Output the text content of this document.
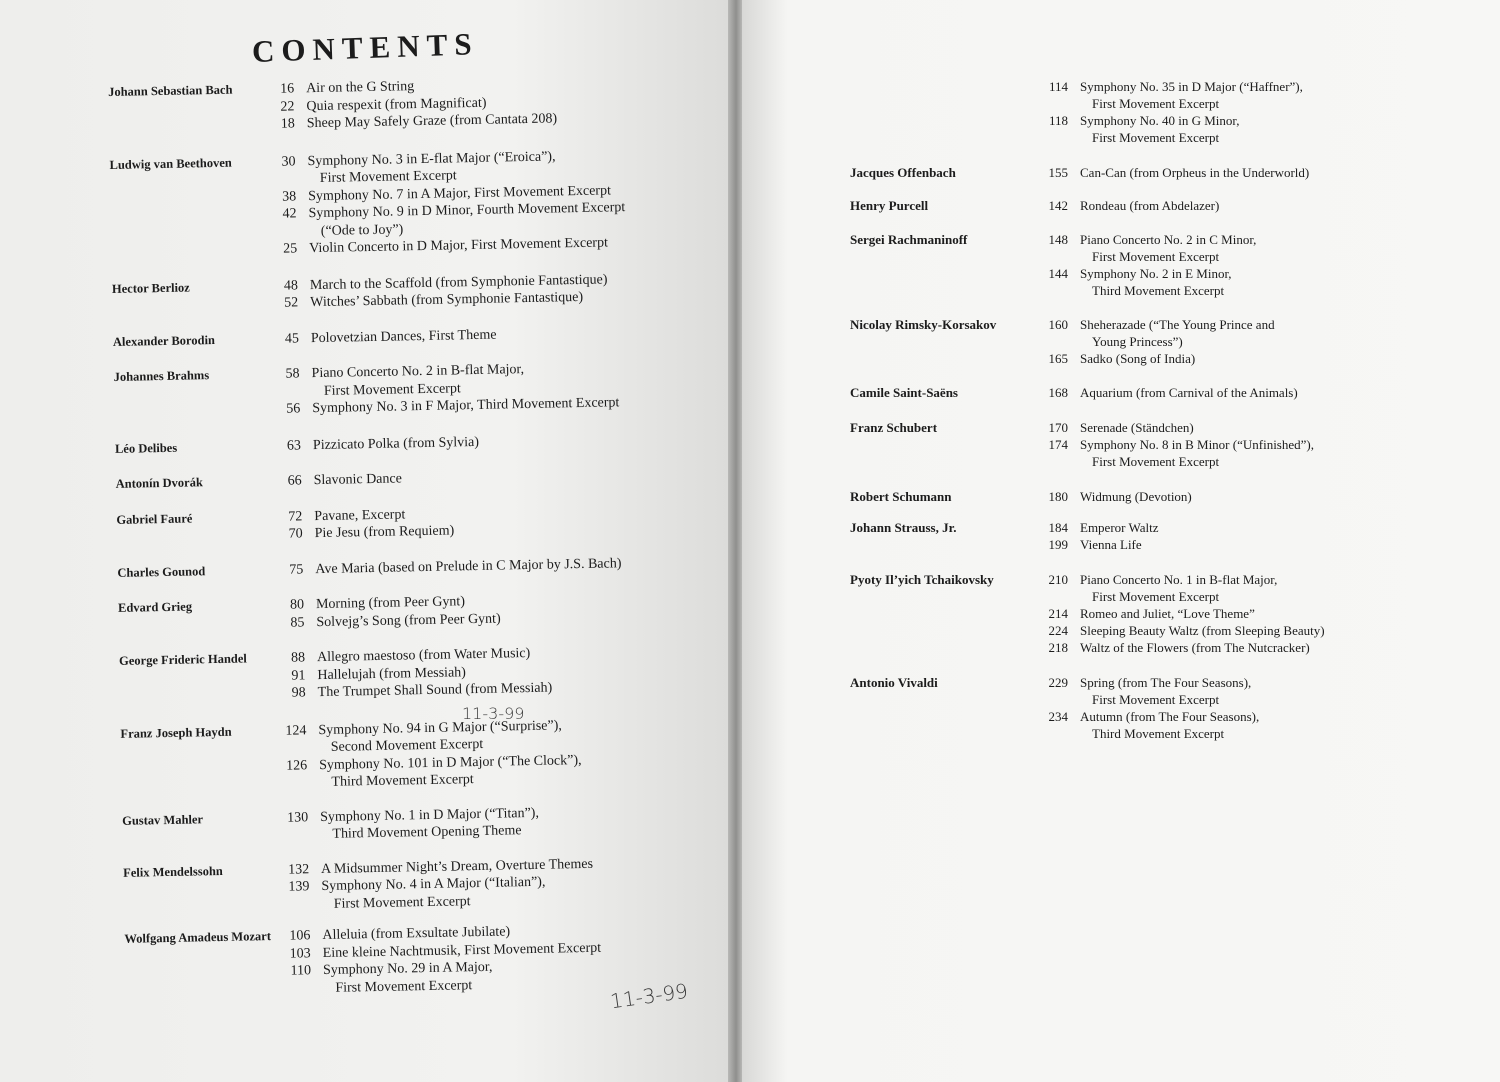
CONTENTS
Johann Sebastian Bach	16 Air on the G String
22 Quia respexit (from Magnificat)
18 Sheep May Safely Graze (from Cantata 208)
Ludwig van Beethoven	30 Symphony No. 3 in E-flat Major (“Eroica”),
First Movement Excerpt
38 Symphony No. 7 in A Major, First Movement Excerpt
42 Symphony No. 9 in D Minor, Fourth Movement Excerpt
(“Ode to Joy”)
25 Violin Concerto in D Major, First Movement Excerpt
Hector Berlioz	48 March to the Scaffold (from Symphonie Fantastique)
52 Witches’ Sabbath (from Symphonie Fantastique)
Alexander Borodin	45 Polovetzian Dances, First Theme
Johannes Brahms	58 Piano Concerto No. 2 in B-flat Major,
First Movement Excerpt
56 Symphony No. 3 in F Major, Third Movement Excerpt
Léo Delibes	63 Pizzicato Polka (from Sylvia)
Antonín Dvorák	66 Slavonic Dance
Gabriel Fauré	72 Pavane, Excerpt
70 Pie Jesu (from Requiem)
Charles Gounod	75 Ave Maria (based on Prelude in C Major by J.S. Bach)
Edvard Grieg	80 Morning (from Peer Gynt)
85 Solvejg’s Song (from Peer Gynt)
George Frideric Handel	88 Allegro maestoso (from Water Music)
91 Hallelujah (from Messiah)
98 The Trumpet Shall Sound (from Messiah)
Franz Joseph Haydn	124 Symphony No. 94 in G Major (“Surprise”),
Second Movement Excerpt
126 Symphony No. 101 in D Major (“The Clock”),
Third Movement Excerpt
Gustav Mahler	130 Symphony No. 1 in D Major (“Titan”),
Third Movement Opening Theme
Felix Mendelssohn	132 A Midsummer Night’s Dream, Overture Themes
139 Symphony No. 4 in A Major (“Italian”),
First Movement Excerpt
Wolfgang Amadeus Mozart	106 Alleluia (from Exsultate Jubilate)
103 Eine kleine Nachtmusik, First Movement Excerpt
110 Symphony No. 29 in A Major,
First Movement Excerpt
11-3-99
11-3-99
114 Symphony No. 35 in D Major (“Haffner”),
First Movement Excerpt
118 Symphony No. 40 in G Minor,
First Movement Excerpt
Jacques Offenbach	155 Can-Can (from Orpheus in the Underworld)
Henry Purcell	142 Rondeau (from Abdelazer)
Sergei Rachmaninoff	148 Piano Concerto No. 2 in C Minor,
First Movement Excerpt
144 Symphony No. 2 in E Minor,
Third Movement Excerpt
Nicolay Rimsky-Korsakov	160 Sheherazade (“The Young Prince and
Young Princess”)
165 Sadko (Song of India)
Camile Saint-Saëns	168 Aquarium (from Carnival of the Animals)
Franz Schubert	170 Serenade (Ständchen)
174 Symphony No. 8 in B Minor (“Unfinished”),
First Movement Excerpt
Robert Schumann	180 Widmung (Devotion)
Johann Strauss, Jr.	184 Emperor Waltz
199 Vienna Life
Pyoty Il’yich Tchaikovsky	210 Piano Concerto No. 1 in B-flat Major,
First Movement Excerpt
214 Romeo and Juliet, “Love Theme”
224 Sleeping Beauty Waltz (from Sleeping Beauty)
218 Waltz of the Flowers (from The Nutcracker)
Antonio Vivaldi	229 Spring (from The Four Seasons),
First Movement Excerpt
234 Autumn (from The Four Seasons),
Third Movement Excerpt
